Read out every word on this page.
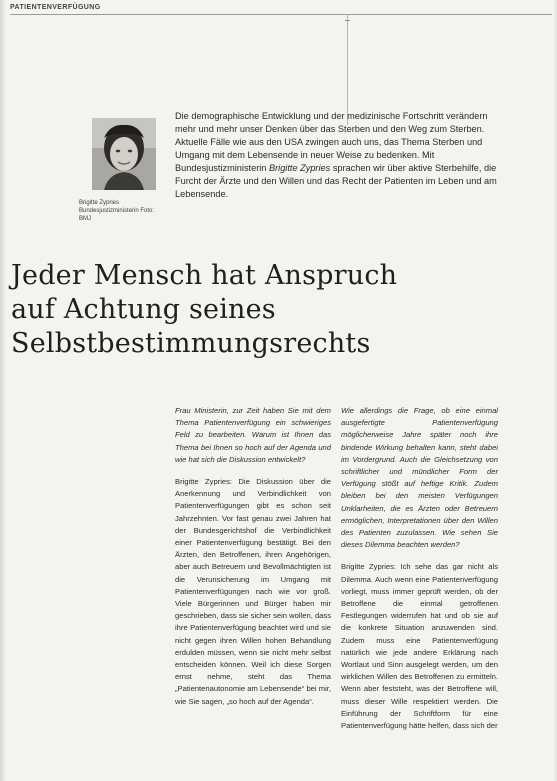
PATIENTENVERFÜGUNG
Brigitte Zypries Bundesjustizministerin Foto: BMJ
Die demographische Entwicklung und der medizinische Fortschritt verändern mehr und mehr unser Denken über das Sterben und den Weg zum Sterben. Aktuelle Fälle wie aus den USA zwingen auch uns, das Thema Sterben und Umgang mit dem Lebensende in neuer Weise zu bedenken. Mit Bundesjustizministerin Brigitte Zypries sprachen wir über aktive Sterbehilfe, die Furcht der Ärzte und den Willen und das Recht der Patienten im Leben und am Lebensende.
Jeder Mensch hat Anspruch
auf Achtung seines
Selbstbestimmungsrechts

Frau Ministerin, zur Zeit haben Sie mit dem Thema Patientenverfügung ein schwieriges Feld zu bearbeiten. Warum ist Ihnen das Thema bei Ihnen so hoch auf der Agenda und wie hat sich die Diskussion entwickelt?

Brigitte Zypries: Die Diskussion über die Anerkennung und Verbindlichkeit von Patientenverfügungen gibt es schon seit Jahrzehnten. Vor fast genau zwei Jahren hat der Bundesgerichtshof die Verbindlichkeit einer Patientenverfügung bestätigt. Bei den Ärzten, den Betroffenen, ihren Angehörigen, aber auch Betreuern und Bevollmächtigten ist die Verunsicherung im Umgang mit Patientenverfügungen nach wie vor groß. Viele Bürgerinnen und Bürger haben mir geschrieben, dass sie sicher sein wollen, dass ihre Patientenverfügung beachtet wird und sie nicht gegen ihren Willen hohen Behandlung erdulden müssen, wenn sie nicht mehr selbst entscheiden können. Weil ich diese Sorgen ernst nehme, steht das Thema „Patientenautonomie am Lebensende“ bei mir, wie Sie sagen, „so hoch auf der Agenda“.

Wie allerdings die Frage, ob eine einmal ausgefertigte Patientenverfügung möglicherweise Jahre später noch ihre bindende Wirkung behalten kann, steht dabei im Vordergrund. Auch die Gleichsetzung von schriftlicher und mündlicher Form der Verfügung stößt auf heftige Kritik. Zudem bleiben bei den meisten Verfügungen Unklarheiten, die es Ärzten oder Betreuern ermöglichen, Interpretationen über den Willen des Patienten zuzulassen. Wie sehen Sie dieses Dilemma beachten werden?

Brigitte Zypries: Ich sehe das gar nicht als Dilemma. Auch wenn eine Patientenverfügung vorliegt, muss immer geprüft werden, ob der Betroffene die einmal getroffenen Festlegungen widerrufen hat und ob sie auf die konkrete Situation anzuwenden sind. Zudem muss eine Patientenverfügung natürlich wie jede andere Erklärung nach Wortlaut und Sinn ausgelegt werden, um den wirklichen Willen des Betroffenen zu ermitteln. Wenn aber feststeht, was der Betroffene will, muss dieser Wille respektiert werden. Die Einführung der Schriftform für eine Patientenverfügung hätte helfen, dass sich der
